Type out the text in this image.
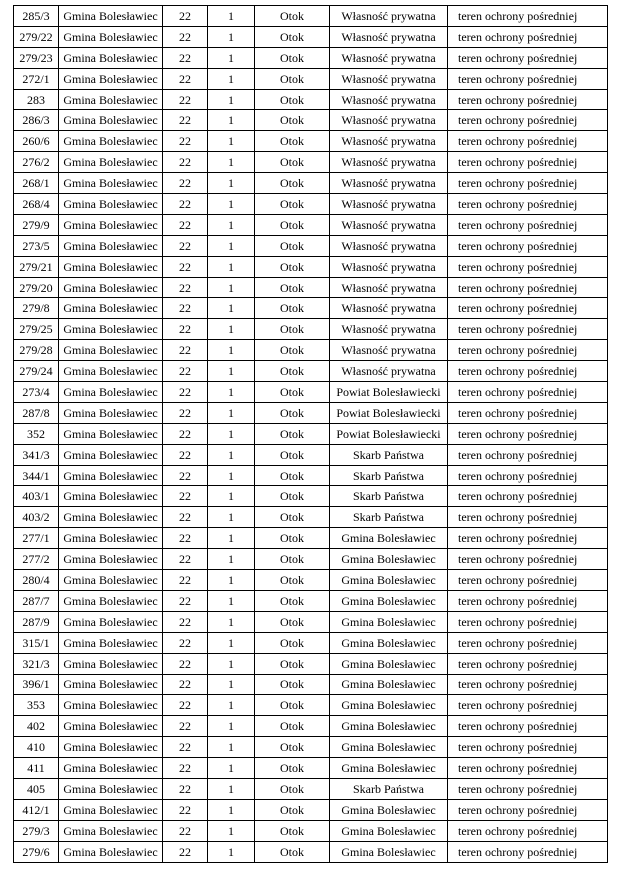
285/3	Gmina Bolesławiec	22	1	Otok	Własność prywatna	teren ochrony pośredniej
279/22	Gmina Bolesławiec	22	1	Otok	Własność prywatna	teren ochrony pośredniej
279/23	Gmina Bolesławiec	22	1	Otok	Własność prywatna	teren ochrony pośredniej
272/1	Gmina Bolesławiec	22	1	Otok	Własność prywatna	teren ochrony pośredniej
283	Gmina Bolesławiec	22	1	Otok	Własność prywatna	teren ochrony pośredniej
286/3	Gmina Bolesławiec	22	1	Otok	Własność prywatna	teren ochrony pośredniej
260/6	Gmina Bolesławiec	22	1	Otok	Własność prywatna	teren ochrony pośredniej
276/2	Gmina Bolesławiec	22	1	Otok	Własność prywatna	teren ochrony pośredniej
268/1	Gmina Bolesławiec	22	1	Otok	Własność prywatna	teren ochrony pośredniej
268/4	Gmina Bolesławiec	22	1	Otok	Własność prywatna	teren ochrony pośredniej
279/9	Gmina Bolesławiec	22	1	Otok	Własność prywatna	teren ochrony pośredniej
273/5	Gmina Bolesławiec	22	1	Otok	Własność prywatna	teren ochrony pośredniej
279/21	Gmina Bolesławiec	22	1	Otok	Własność prywatna	teren ochrony pośredniej
279/20	Gmina Bolesławiec	22	1	Otok	Własność prywatna	teren ochrony pośredniej
279/8	Gmina Bolesławiec	22	1	Otok	Własność prywatna	teren ochrony pośredniej
279/25	Gmina Bolesławiec	22	1	Otok	Własność prywatna	teren ochrony pośredniej
279/28	Gmina Bolesławiec	22	1	Otok	Własność prywatna	teren ochrony pośredniej
279/24	Gmina Bolesławiec	22	1	Otok	Własność prywatna	teren ochrony pośredniej
273/4	Gmina Bolesławiec	22	1	Otok	Powiat Bolesławiecki	teren ochrony pośredniej
287/8	Gmina Bolesławiec	22	1	Otok	Powiat Bolesławiecki	teren ochrony pośredniej
352	Gmina Bolesławiec	22	1	Otok	Powiat Bolesławiecki	teren ochrony pośredniej
341/3	Gmina Bolesławiec	22	1	Otok	Skarb Państwa	teren ochrony pośredniej
344/1	Gmina Bolesławiec	22	1	Otok	Skarb Państwa	teren ochrony pośredniej
403/1	Gmina Bolesławiec	22	1	Otok	Skarb Państwa	teren ochrony pośredniej
403/2	Gmina Bolesławiec	22	1	Otok	Skarb Państwa	teren ochrony pośredniej
277/1	Gmina Bolesławiec	22	1	Otok	Gmina Bolesławiec	teren ochrony pośredniej
277/2	Gmina Bolesławiec	22	1	Otok	Gmina Bolesławiec	teren ochrony pośredniej
280/4	Gmina Bolesławiec	22	1	Otok	Gmina Bolesławiec	teren ochrony pośredniej
287/7	Gmina Bolesławiec	22	1	Otok	Gmina Bolesławiec	teren ochrony pośredniej
287/9	Gmina Bolesławiec	22	1	Otok	Gmina Bolesławiec	teren ochrony pośredniej
315/1	Gmina Bolesławiec	22	1	Otok	Gmina Bolesławiec	teren ochrony pośredniej
321/3	Gmina Bolesławiec	22	1	Otok	Gmina Bolesławiec	teren ochrony pośredniej
396/1	Gmina Bolesławiec	22	1	Otok	Gmina Bolesławiec	teren ochrony pośredniej
353	Gmina Bolesławiec	22	1	Otok	Gmina Bolesławiec	teren ochrony pośredniej
402	Gmina Bolesławiec	22	1	Otok	Gmina Bolesławiec	teren ochrony pośredniej
410	Gmina Bolesławiec	22	1	Otok	Gmina Bolesławiec	teren ochrony pośredniej
411	Gmina Bolesławiec	22	1	Otok	Gmina Bolesławiec	teren ochrony pośredniej
405	Gmina Bolesławiec	22	1	Otok	Skarb Państwa	teren ochrony pośredniej
412/1	Gmina Bolesławiec	22	1	Otok	Gmina Bolesławiec	teren ochrony pośredniej
279/3	Gmina Bolesławiec	22	1	Otok	Gmina Bolesławiec	teren ochrony pośredniej
279/6	Gmina Bolesławiec	22	1	Otok	Gmina Bolesławiec	teren ochrony pośredniej
